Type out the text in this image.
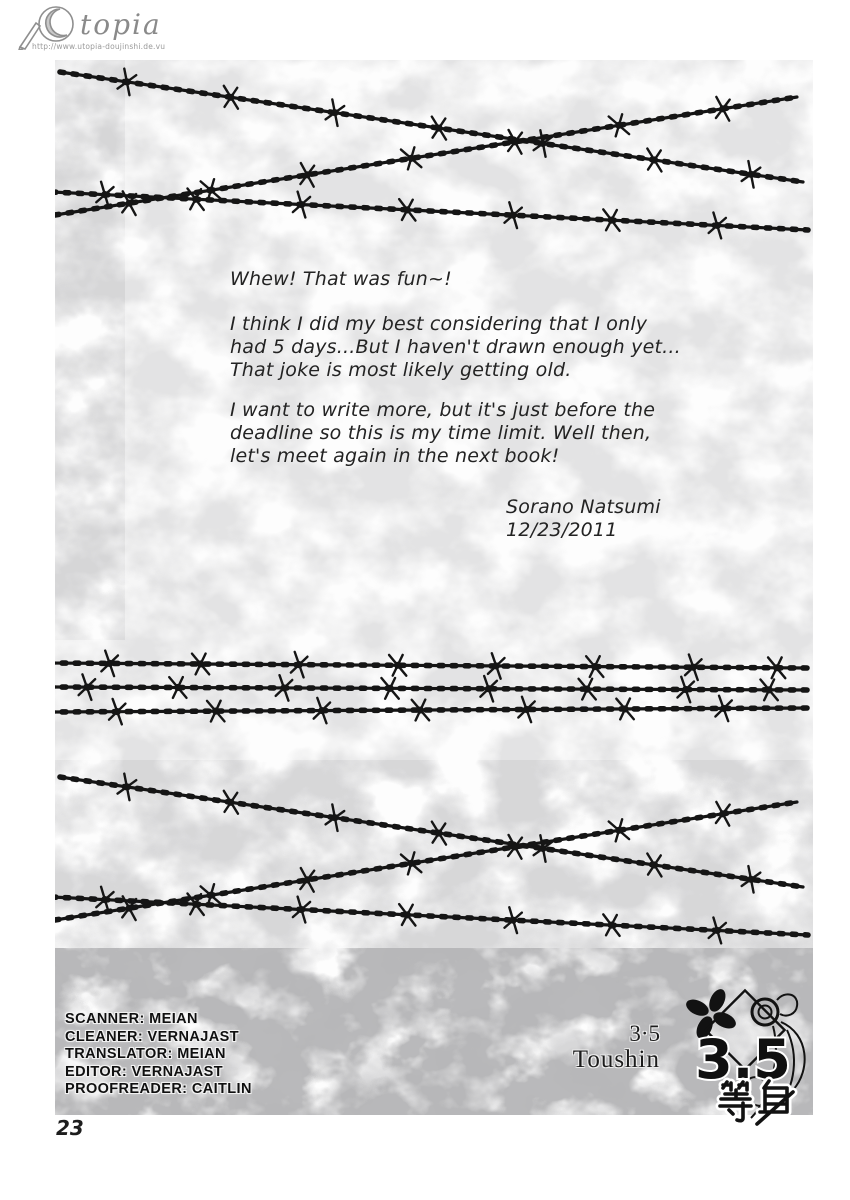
topia
http://www.utopia-doujinshi.de.vu
Whew! That was fun~!
I think I did my best considering that I only
had 5 days...But I haven't drawn enough yet...
That joke is most likely getting old.
I want to write more, but it's just before the
deadline so this is my time limit. Well then,
let's meet again in the next book!
Sorano Natsumi
12/23/2011
SCANNER: MEIAN
CLEANER: VERNAJAST
TRANSLATOR: MEIAN
EDITOR: VERNAJAST
PROOFREADER: CAITLIN
3·5
Toushin 3.5
23
